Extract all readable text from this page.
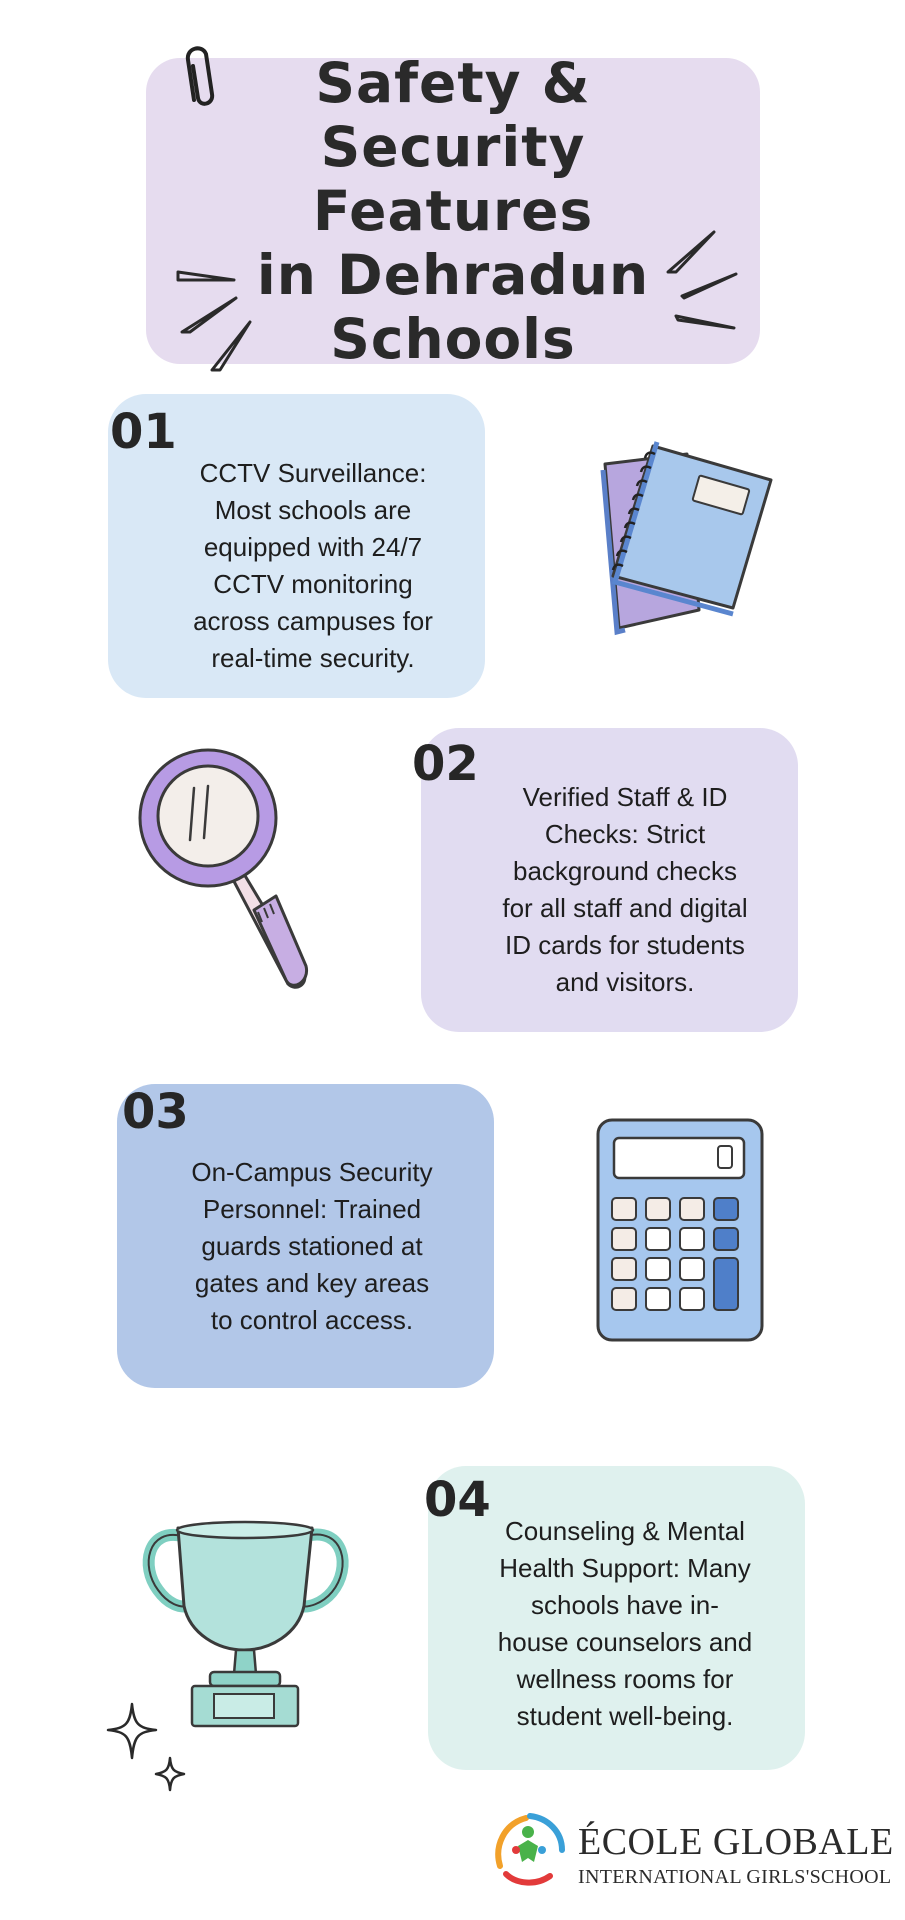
Safety &
Security Features
in Dehradun
Schools
01
CCTV Surveillance:
Most schools are
equipped with 24/7
CCTV monitoring
across campuses for
real-time security.
02
Verified Staff & ID
Checks: Strict
background checks
for all staff and digital
ID cards for students
and visitors.
03
On-Campus Security
Personnel: Trained
guards stationed at
gates and key areas
to control access.
04
Counseling & Mental
Health Support: Many
schools have in-
house counselors and
wellness rooms for
student well-being.
ÉCOLE GLOBALE
INTERNATIONAL GIRLS'SCHOOL
